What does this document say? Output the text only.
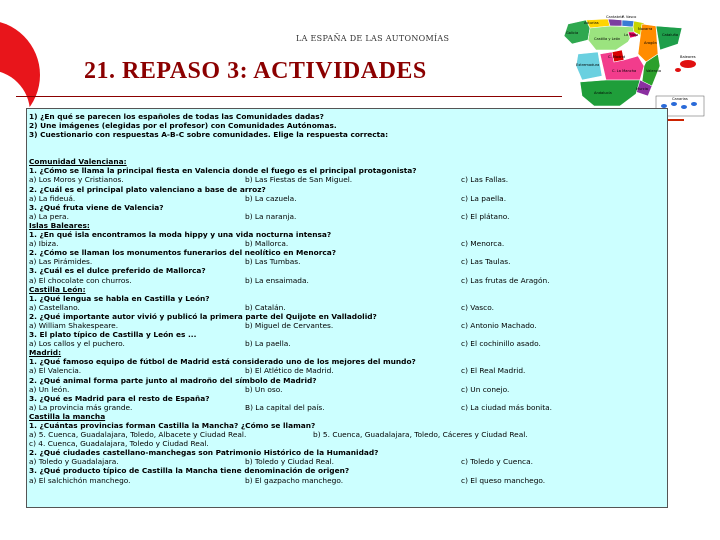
LA ESPAÑA DE LAS AUTONOMÍAS
21. REPASO 3: ACTIVIDADES
Asturias
Cantabria
P. Vasco
Galicia
Navarra
Castilla y León
La Rioja
Aragón
Cataluña
C. Madrid
Extremadura
C. La Mancha	Valencia
Andalucía
Murcia
Canarias
Baleares
1) ¿En qué se parecen los españoles de todas las Comunidades dadas?
2) Une imágenes (elegidas por el profesor) con Comunidades Autónomas.
3) Cuestionario con respuestas A-B-C sobre comunidades. Elige la respuesta correcta:
Comunidad Valenciana:
1. ¿Cómo se llama la principal fiesta en Valencia donde el fuego es el principal protagonista?
a) Los Moros y Cristianos.	b) Las Fiestas de San Miguel.	c) Las Fallas.
2. ¿Cuál es el principal plato valenciano a base de arroz?
a) La fideuá.	b) La cazuela.	c) La paella.
3. ¿Qué fruta viene de Valencia?
a) La pera.	b) La naranja.	c) El plátano.
Islas Baleares:
1. ¿En qué isla encontramos la moda hippy y una vida nocturna intensa?
a) Ibiza.	b) Mallorca.	c) Menorca.
2. ¿Cómo se llaman los monumentos funerarios del neolítico en Menorca?
a) Las Pirámides.	b) Las Tumbas.	c) Las Taulas.
3. ¿Cuál es el dulce preferido de Mallorca?
a) El chocolate con churros.	b) La ensaimada.	c) Las frutas de Aragón.
Castilla León:
1. ¿Qué lengua se habla en Castilla y León?
a) Castellano.	b) Catalán.	c) Vasco.
2. ¿Qué importante autor vivió y publicó la primera parte del Quijote en Valladolid?
a) William Shakespeare.	b) Miguel de Cervantes.	c) Antonio Machado.
3. El plato típico de Castilla y León es ...
a) Los callos y el puchero.	b) La paella.	c) El cochinillo asado.
Madrid:
1. ¿Qué famoso equipo de fútbol de Madrid está considerado uno de los mejores del mundo?
a) El Valencia.	b) El Atlético de Madrid.	c) El Real Madrid.
2. ¿Qué animal forma parte junto al madroño del símbolo de Madrid?
a) Un león.	b) Un oso.	c) Un conejo.
3. ¿Qué es Madrid para el resto de España?
a) La provincia más grande.	B) La capital del país.	c) La ciudad más bonita.
Castilla la mancha
1. ¿Cuántas provincias forman Castilla la Mancha? ¿Cómo se llaman?
a) 5. Cuenca, Guadalajara, Toledo, Albacete y Ciudad Real.	b) 5. Cuenca, Guadalajara, Toledo, Cáceres y Ciudad Real.
c) 4. Cuenca, Guadalajara, Toledo y Ciudad Real.
2. ¿Qué ciudades castellano-manchegas son Patrimonio Histórico de la Humanidad?
a) Toledo y Guadalajara.	b) Toledo y Ciudad Real.	c) Toledo y Cuenca.
3. ¿Qué producto típico de Castilla la Mancha tiene denominación de origen?
a) El salchichón manchego.	b) El gazpacho manchego.	c) El queso manchego.
